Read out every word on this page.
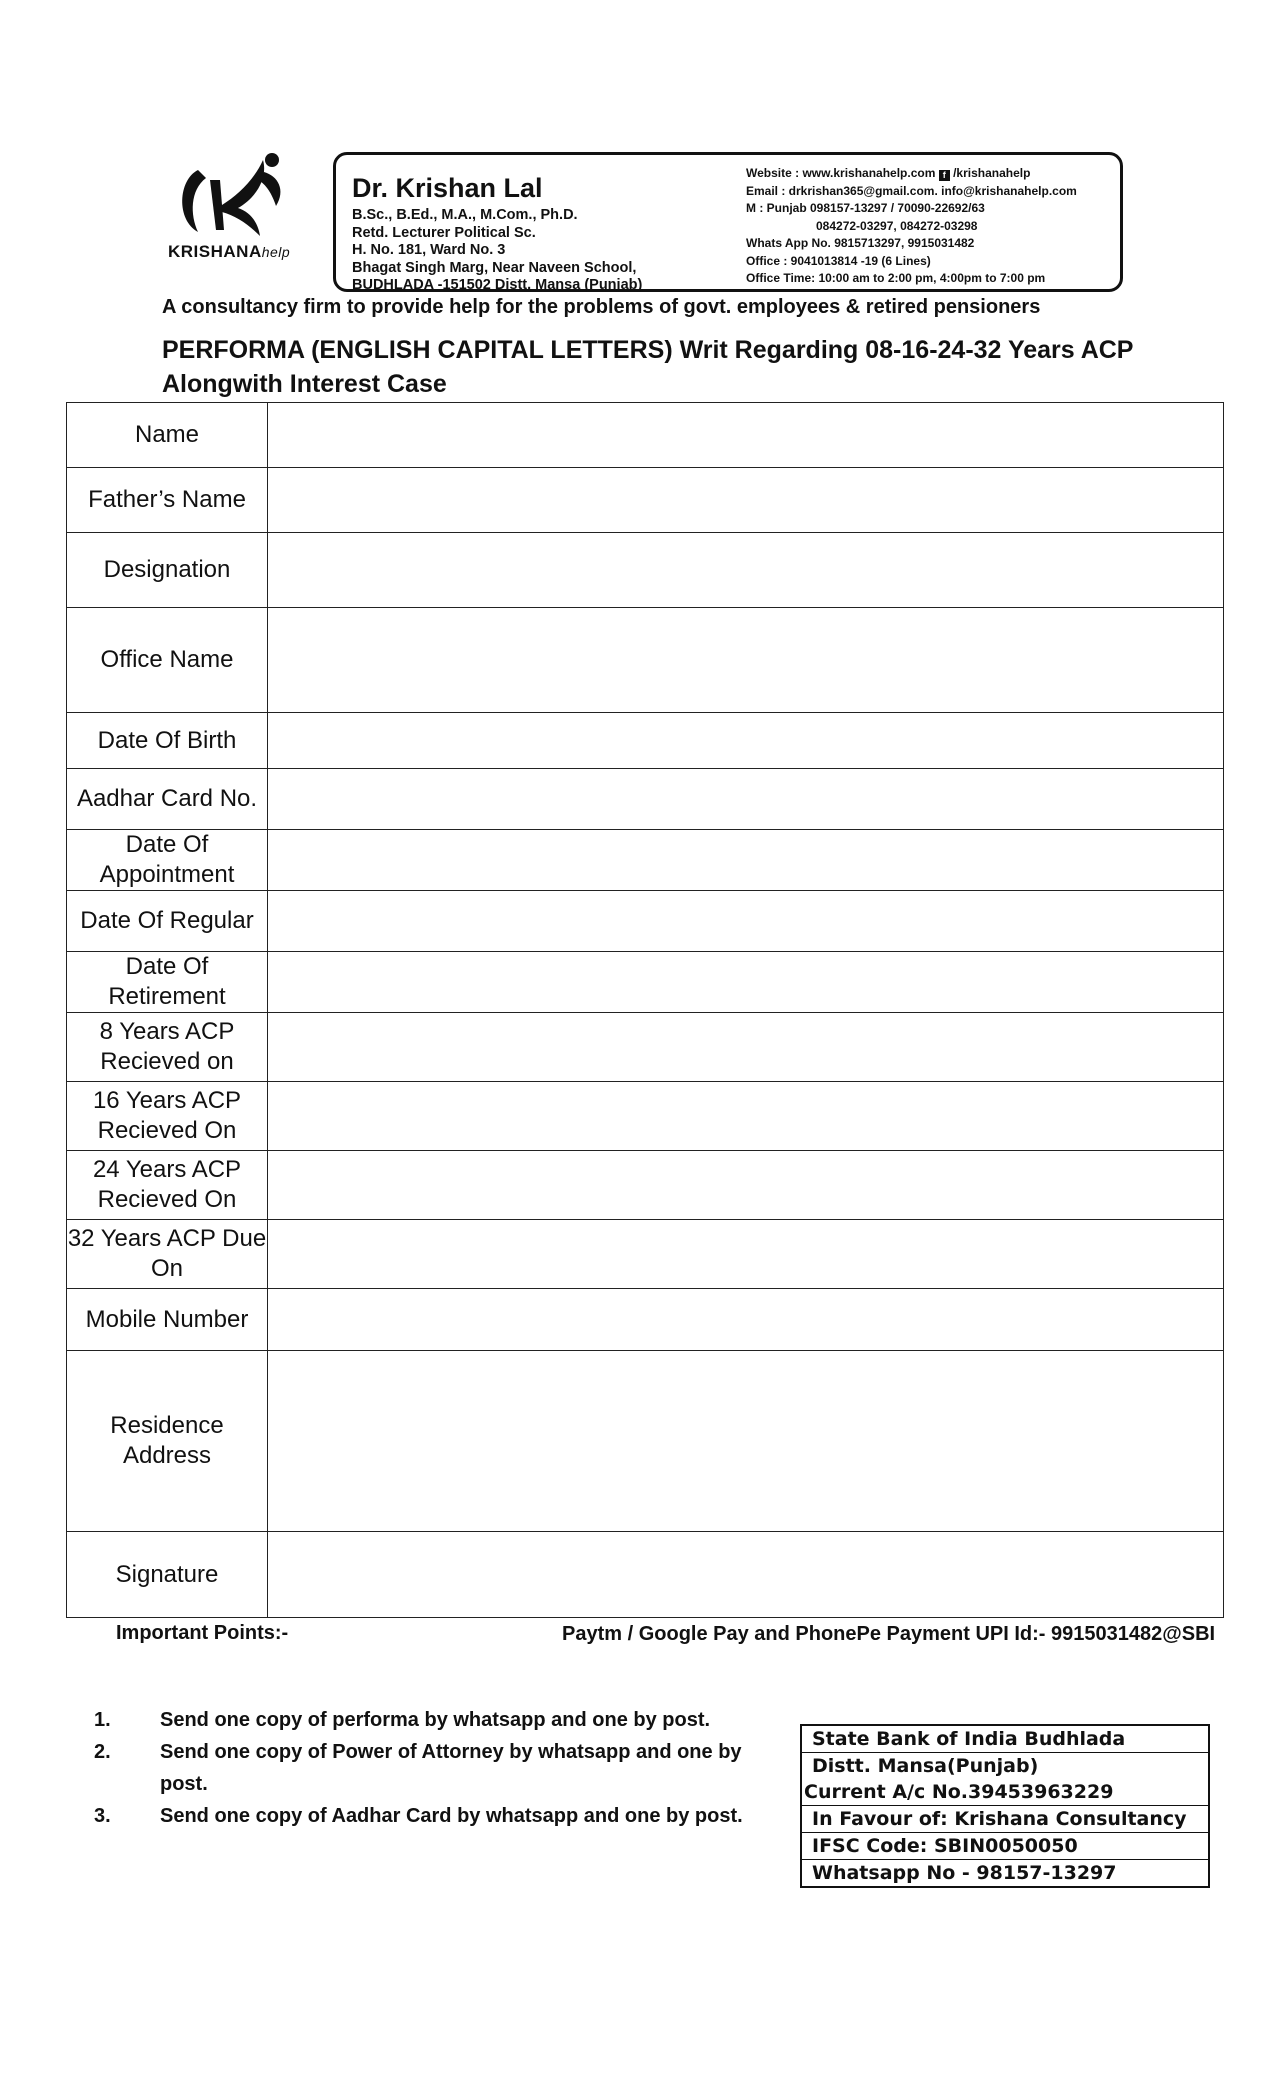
KRISHANAhelp
Dr. Krishan Lal
B.Sc., B.Ed., M.A., M.Com., Ph.D.
Retd. Lecturer Political Sc.
H. No. 181, Ward No. 3
Bhagat Singh Marg, Near Naveen School,
BUDHLADA -151502 Distt. Mansa (Punjab)
Website : www.krishanahelp.com f /krishanahelp
Email : drkrishan365@gmail.com. info@krishanahelp.com
M : Punjab 098157-13297 / 70090-22692/63
084272-03297, 084272-03298
Whats App No. 9815713297, 9915031482
Office : 9041013814 -19 (6 Lines)
Office Time: 10:00 am to 2:00 pm, 4:00pm to 7:00 pm
A consultancy firm to provide help for the problems of govt. employees & retired pensioners
PERFORMA (ENGLISH CAPITAL LETTERS) Writ Regarding 08-16-24-32 Years ACP Alongwith Interest Case
Name	
Father’s Name	
Designation	
Office Name	
Date Of Birth	
Aadhar Card No.	
Date Of Appointment	
Date Of Regular	
Date Of Retirement	
8 Years ACP Recieved on	
16 Years ACP Recieved On	
24 Years ACP Recieved On	
32 Years ACP Due On	
Mobile Number	
Residence Address	
Signature	
Important Points:-	Paytm / Google Pay and PhonePe Payment UPI Id:- 9915031482@SBI
1. Send one copy of performa by whatsapp and one by post.
2. Send one copy of Power of Attorney by whatsapp and one by post.
3. Send one copy of Aadhar Card by whatsapp and one by post.
State Bank of India Budhlada
Distt. Mansa(Punjab)
Current A/c No.39453963229
In Favour of: Krishana Consultancy
IFSC Code: SBIN0050050
Whatsapp No - 98157-13297
